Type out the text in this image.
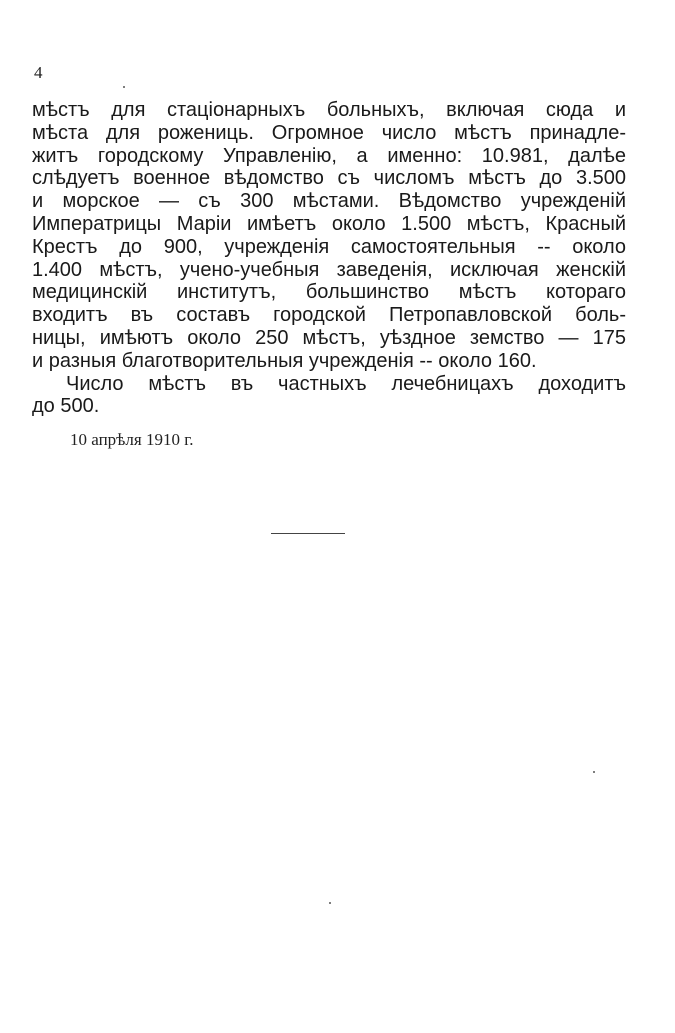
4
мѣстъ для стаціонарныхъ больныхъ, включая сюда и
мѣста для рожениць. Огромное число мѣстъ принадле-
житъ городскому Управленію, а именно: 10.981, далѣе
слѣдуетъ военное вѣдомство съ числомъ мѣстъ до 3.500
и морское — съ 300 мѣстами. Вѣдомство учрежденій
Императрицы Маріи имѣетъ около 1.500 мѣстъ, Красный
Крестъ до 900, учрежденія самостоятельныя -- около
1.400 мѣстъ, учено-учебныя заведенія, исключая женскій
медицинскій институтъ, большинство мѣстъ котораго
входитъ въ составъ городской Петропавловской боль-
ницы, имѣютъ около 250 мѣстъ, уѣздное земство — 175
и разныя благотворительныя учрежденія -- около 160.
Число мѣстъ въ частныхъ лечебницахъ доходитъ
до 500.
10 апрѣля 1910 г.
